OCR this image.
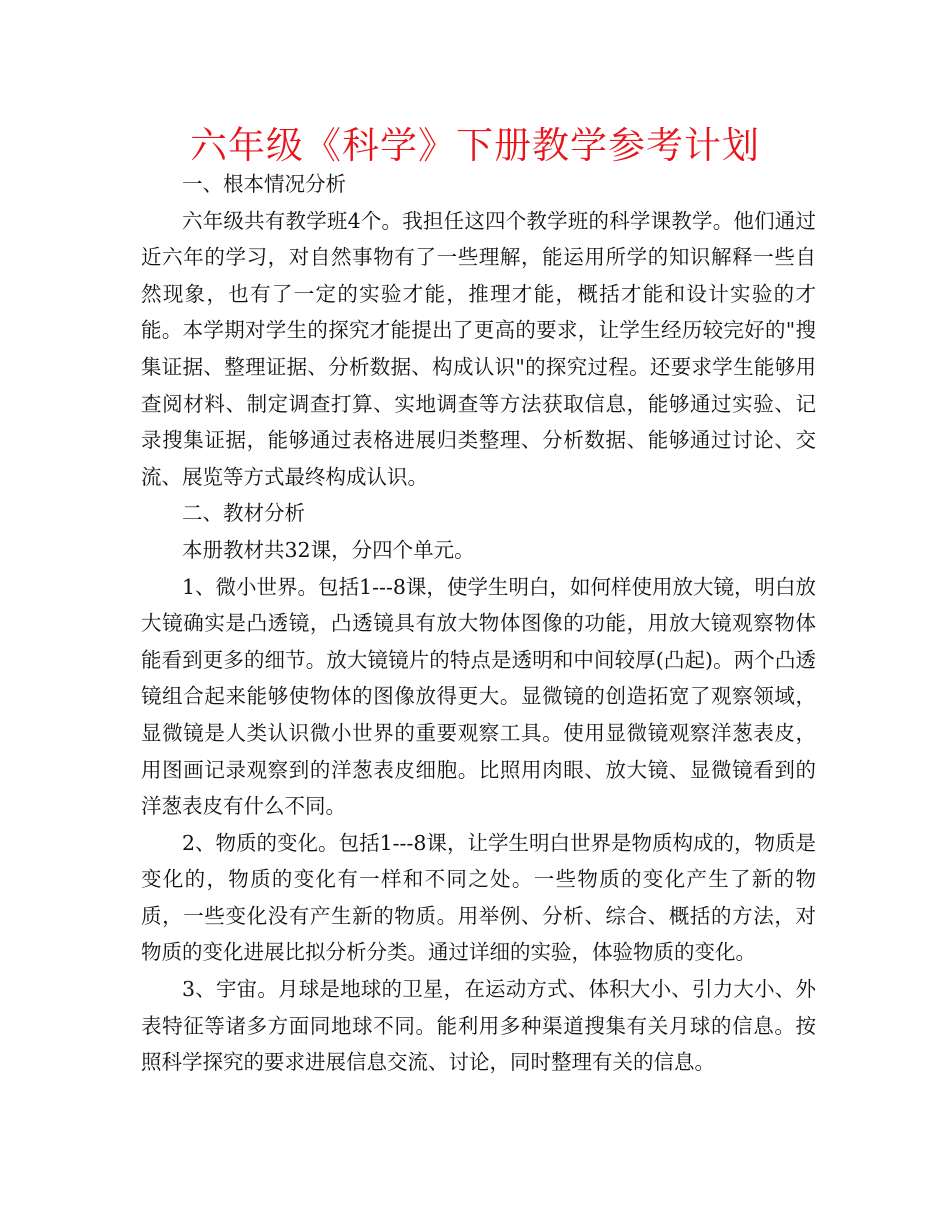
六年级《科学》下册教学参考计划

一、根本情况分析

六年级共有教学班4个。我担任这四个教学班的科学课教学。他们通过近六年的学习，对自然事物有了一些理解，能运用所学的知识解释一些自然现象，也有了一定的实验才能，推理才能，概括才能和设计实验的才能。本学期对学生的探究才能提出了更高的要求，让学生经历较完好的"搜集证据、整理证据、分析数据、构成认识"的探究过程。还要求学生能够用查阅材料、制定调查打算、实地调查等方法获取信息，能够通过实验、记录搜集证据，能够通过表格进展归类整理、分析数据、能够通过讨论、交流、展览等方式最终构成认识。

二、教材分析

本册教材共32课，分四个单元。

1、微小世界。包括1---8课，使学生明白，如何样使用放大镜，明白放大镜确实是凸透镜，凸透镜具有放大物体图像的功能，用放大镜观察物体能看到更多的细节。放大镜镜片的特点是透明和中间较厚(凸起)。两个凸透镜组合起来能够使物体的图像放得更大。显微镜的创造拓宽了观察领域，显微镜是人类认识微小世界的重要观察工具。使用显微镜观察洋葱表皮，用图画记录观察到的洋葱表皮细胞。比照用肉眼、放大镜、显微镜看到的洋葱表皮有什么不同。

2、物质的变化。包括1---8课，让学生明白世界是物质构成的，物质是变化的，物质的变化有一样和不同之处。一些物质的变化产生了新的物质，一些变化没有产生新的物质。用举例、分析、综合、概括的方法，对物质的变化进展比拟分析分类。通过详细的实验，体验物质的变化。

3、宇宙。月球是地球的卫星，在运动方式、体积大小、引力大小、外表特征等诸多方面同地球不同。能利用多种渠道搜集有关月球的信息。按照科学探究的要求进展信息交流、讨论，同时整理有关的信息。
